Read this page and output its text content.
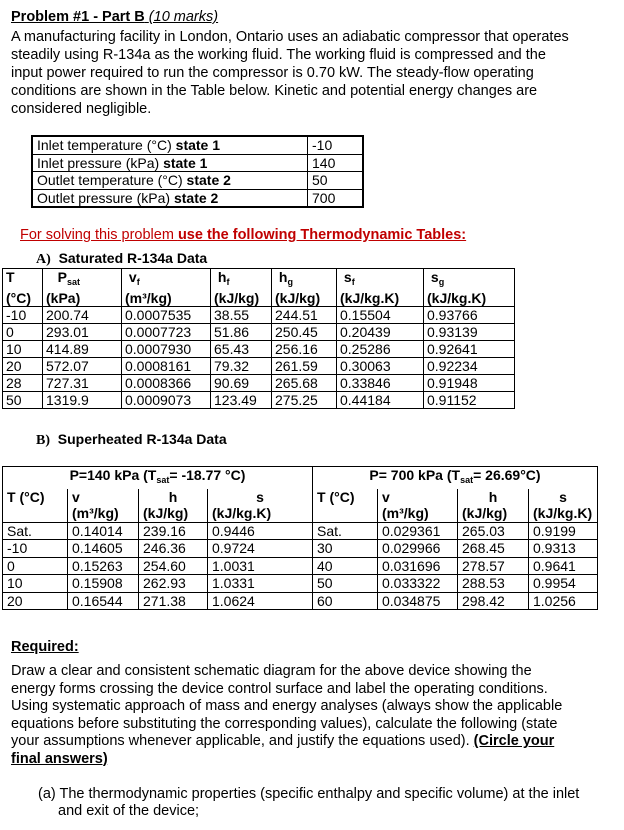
Problem #1 - Part B (10 marks)
A manufacturing facility in London, Ontario uses an adiabatic compressor that operates
steadily using R-134a as the working fluid. The working fluid is compressed and the
input power required to run the compressor is 0.70 kW. The steady-flow operating
conditions are shown in the Table below. Kinetic and potential energy changes are
considered negligible.
Inlet temperature (°C) state 1	-10
Inlet pressure (kPa) state 1	140
Outlet temperature (°C) state 2	50
Outlet pressure (kPa) state 2	700
For solving this problem use the following Thermodynamic Tables:
A) Saturated R-134a Data
T	$P_{sat}$	$v_f$	$h_f$	$h_g$	$s_f$	$s_g$
(°C)	(kPa)	(m³/kg)	(kJ/kg)	(kJ/kg)	(kJ/kg.K)	(kJ/kg.K)
-10	200.74	0.0007535	38.55	244.51	0.15504	0.93766
0	293.01	0.0007723	51.86	250.45	0.20439	0.93139
10	414.89	0.0007930	65.43	256.16	0.25286	0.92641
20	572.07	0.0008161	79.32	261.59	0.30063	0.92234
28	727.31	0.0008366	90.69	265.68	0.33846	0.91948
50	1319.9	0.0009073	123.49	275.25	0.44184	0.91152
B) Superheated R-134a Data
P=140 kPa ($T_{sat}= -18.77$ °C)				P= 700 kPa $(T_{sat}= 26.69^\circ C)$			
T (°C)	v	h	s	T (°C)	v	h	s
	(m³/kg)	(kJ/kg)	(kJ/kg.K)		(m³/kg)	(kJ/kg)	(kJ/kg.K)
Sat.	0.14014	239.16	0.9446	Sat.	0.029361	265.03	0.9199
-10	0.14605	246.36	0.9724	30	0.029966	268.45	0.9313
0	0.15263	254.60	1.0031	40	0.031696	278.57	0.9641
10	0.15908	262.93	1.0331	50	0.033322	288.53	0.9954
20	0.16544	271.38	1.0624	60	0.034875	298.42	1.0256
Required:
Draw a clear and consistent schematic diagram for the above device showing the
energy forms crossing the device control surface and label the operating conditions.
Using systematic approach of mass and energy analyses (always show the applicable
equations before substituting the corresponding values), calculate the following (state
your assumptions whenever applicable, and justify the equations used). (Circle your
final answers)
(a) The thermodynamic properties (specific enthalpy and specific volume) at the inlet
and exit of the device;
